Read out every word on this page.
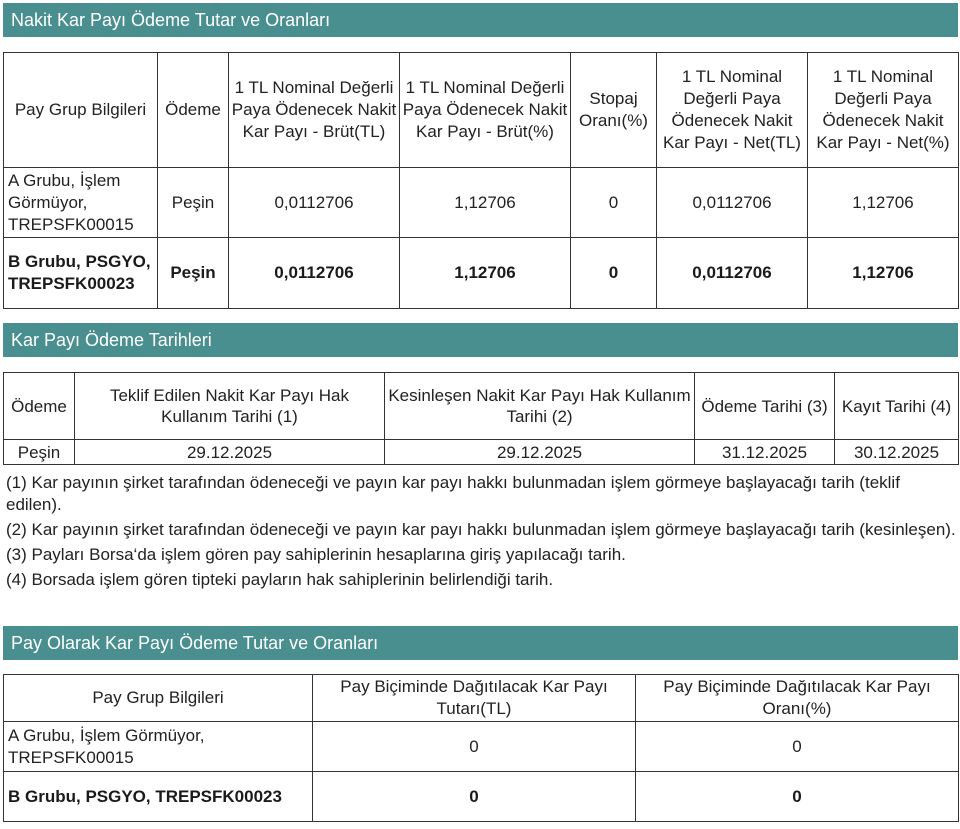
Nakit Kar Payı Ödeme Tutar ve Oranları
Pay Grup Bilgileri	Ödeme	1 TL Nominal Değerli Paya Ödenecek Nakit Kar Payı - Brüt(TL)	1 TL Nominal Değerli Paya Ödenecek Nakit Kar Payı - Brüt(%)	Stopaj Oranı(%)	1 TL Nominal Değerli Paya Ödenecek Nakit Kar Payı - Net(TL)	1 TL Nominal Değerli Paya Ödenecek Nakit Kar Payı - Net(%)
A Grubu, İşlem Görmüyor, TREPSFK00015	Peşin	0,0112706	1,12706	0	0,0112706	1,12706
B Grubu, PSGYO, TREPSFK00023	Peşin	0,0112706	1,12706	0	0,0112706	1,12706
Kar Payı Ödeme Tarihleri
Ödeme	Teklif Edilen Nakit Kar Payı Hak Kullanım Tarihi (1)	Kesinleşen Nakit Kar Payı Hak Kullanım Tarihi (2)	Ödeme Tarihi (3)	Kayıt Tarihi (4)
Peşin	29.12.2025	29.12.2025	31.12.2025	30.12.2025

(1) Kar payının şirket tarafından ödeneceği ve payın kar payı hakkı bulunmadan işlem görmeye başlayacağı tarih (teklif edilen).

(2) Kar payının şirket tarafından ödeneceği ve payın kar payı hakkı bulunmadan işlem görmeye başlayacağı tarih (kesinleşen).

(3) Payları Borsa‘da işlem gören pay sahiplerinin hesaplarına giriş yapılacağı tarih.

(4) Borsada işlem gören tipteki payların hak sahiplerinin belirlendiği tarih.

Pay Olarak Kar Payı Ödeme Tutar ve Oranları
Pay Grup Bilgileri	Pay Biçiminde Dağıtılacak Kar Payı Tutarı(TL)	Pay Biçiminde Dağıtılacak Kar Payı Oranı(%)
A Grubu, İşlem Görmüyor, TREPSFK00015	0	0
B Grubu, PSGYO, TREPSFK00023	0	0
